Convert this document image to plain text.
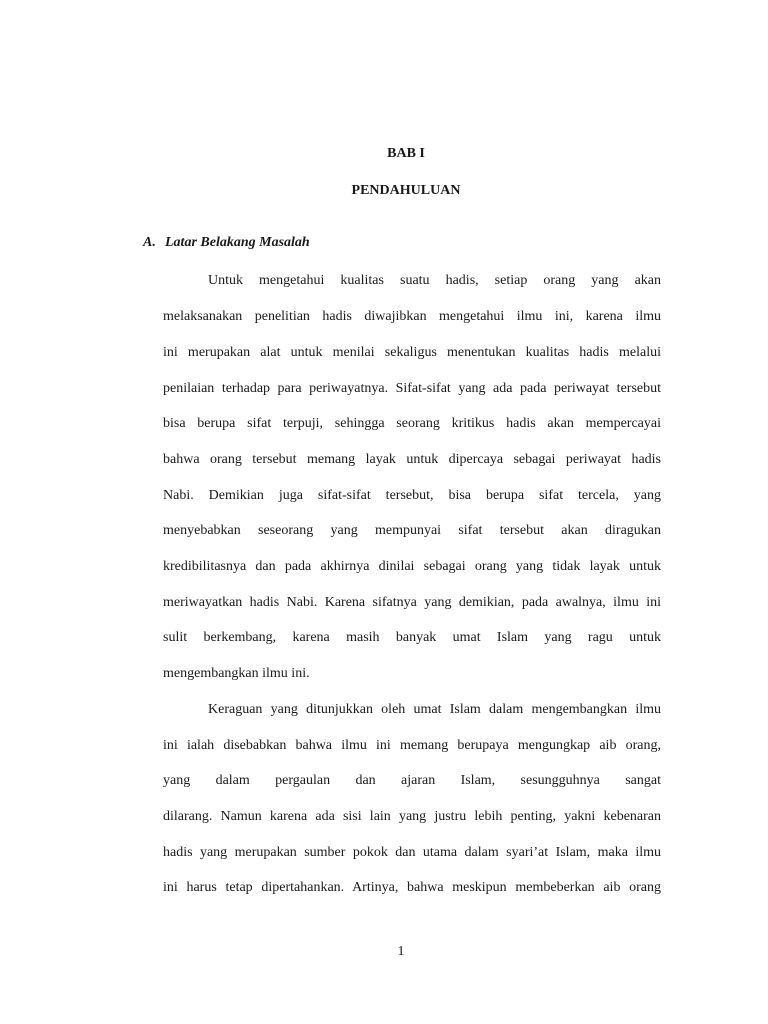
BAB I
PENDAHULUAN
A. Latar Belakang Masalah
Untuk mengetahui kualitas suatu hadis, setiap orang yang akan
melaksanakan penelitian hadis diwajibkan mengetahui ilmu ini, karena ilmu
ini merupakan alat untuk menilai sekaligus menentukan kualitas hadis melalui
penilaian terhadap para periwayatnya. Sifat-sifat yang ada pada periwayat tersebut
bisa berupa sifat terpuji, sehingga seorang kritikus hadis akan mempercayai
bahwa orang tersebut memang layak untuk dipercaya sebagai periwayat hadis
Nabi. Demikian juga sifat-sifat tersebut, bisa berupa sifat tercela, yang
menyebabkan seseorang yang mempunyai sifat tersebut akan diragukan
kredibilitasnya dan pada akhirnya dinilai sebagai orang yang tidak layak untuk
meriwayatkan hadis Nabi. Karena sifatnya yang demikian, pada awalnya, ilmu ini
sulit berkembang, karena masih banyak umat Islam yang ragu untuk
mengembangkan ilmu ini.
Keraguan yang ditunjukkan oleh umat Islam dalam mengembangkan ilmu
ini ialah disebabkan bahwa ilmu ini memang berupaya mengungkap aib orang,
yang dalam pergaulan dan ajaran Islam, sesungguhnya sangat
dilarang. Namun karena ada sisi lain yang justru lebih penting, yakni kebenaran
hadis yang merupakan sumber pokok dan utama dalam syari’at Islam, maka ilmu
ini harus tetap dipertahankan. Artinya, bahwa meskipun membeberkan aib orang
1
